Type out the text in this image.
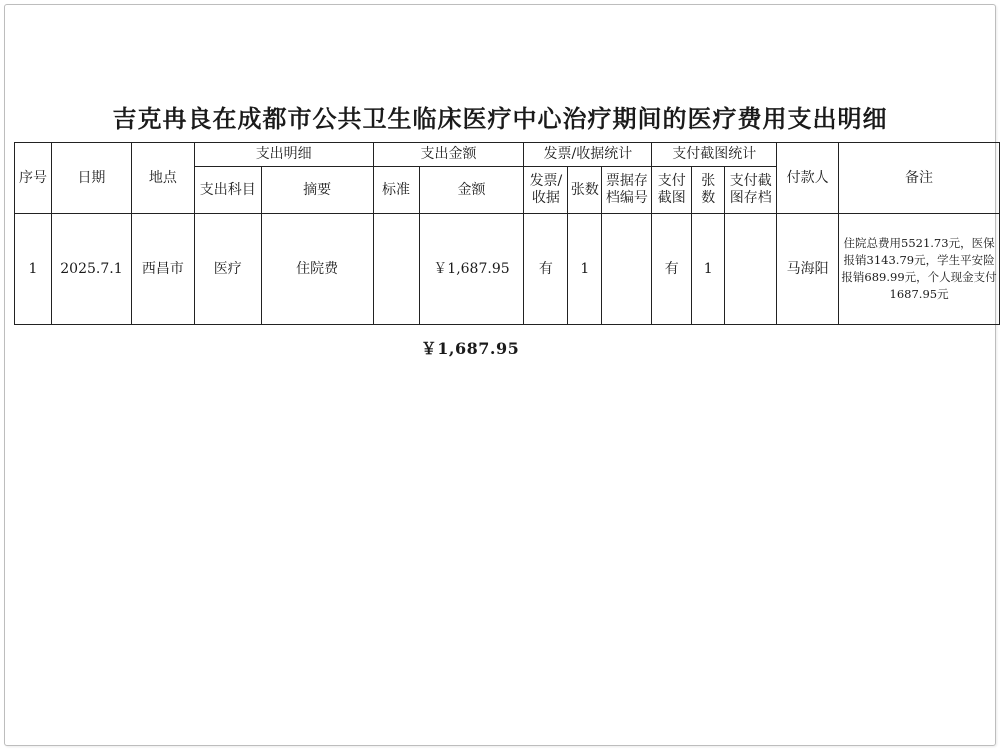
吉克冉良在成都市公共卫生临床医疗中心治疗期间的医疗费用支出明细
序号	日期	地点	支出明细		支出金额		发票/收据统计			支付截图统计			付款人	备注
			支出科目	摘要	标准	金额	发票/收据	张数	票据存档编号	支付截图	张数	支付截图存档		
1	2025.7.1	西昌市	医疗	住院费		￥1,687.95	有	1		有	1		马海阳	住院总费用5521.73元，医保报销3143.79元，学生平安险报销689.99元，个人现金支付1687.95元
￥1,687.95
